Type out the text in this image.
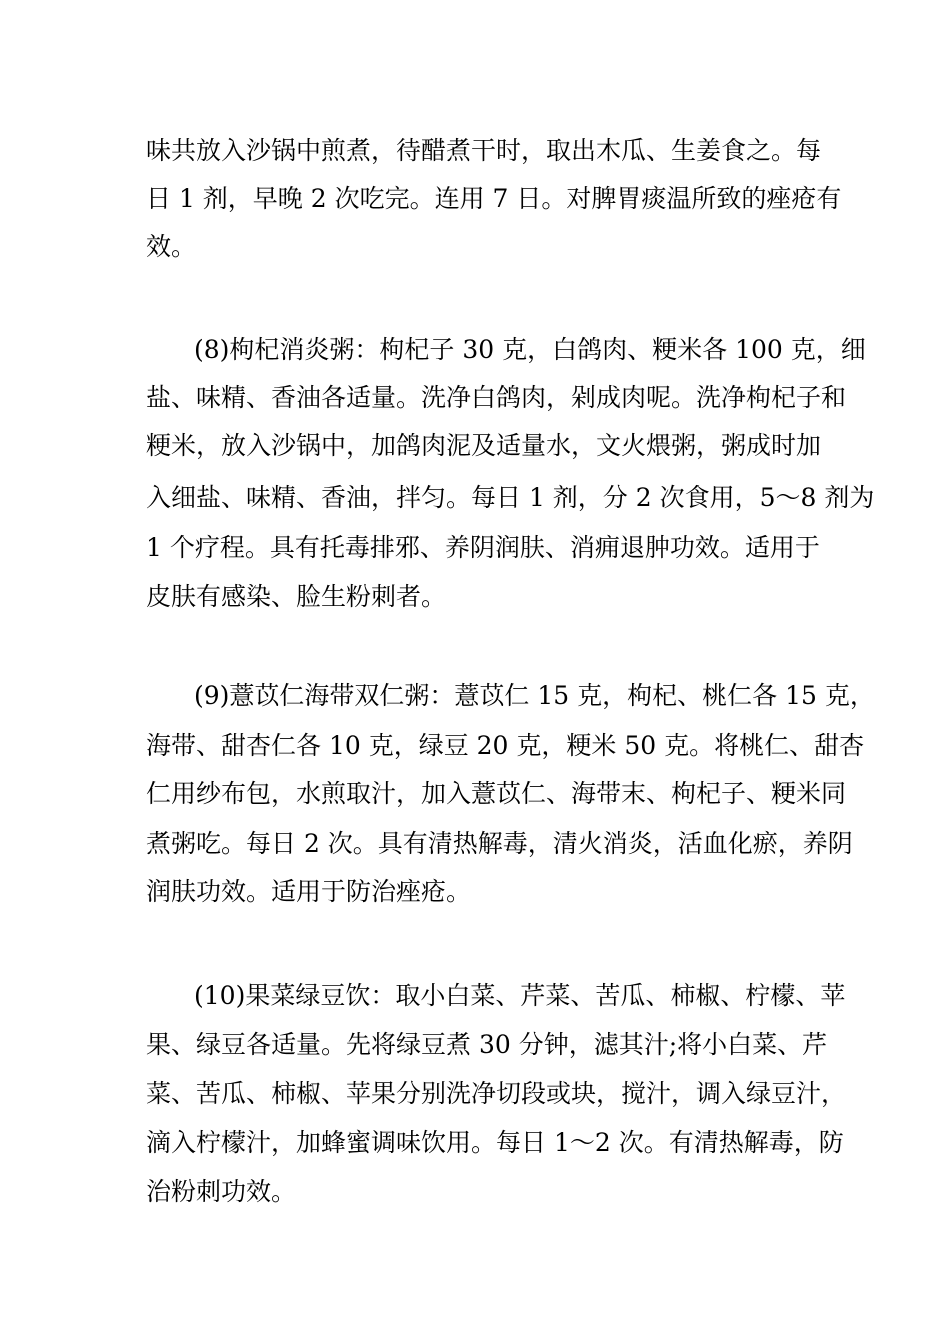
味共放入沙锅中煎煮，待醋煮干时，取出木瓜、生姜食之。每
日 1 剂，早晚 2 次吃完。连用 7 日。对脾胃痰温所致的痤疮有
效。
(8)枸杞消炎粥：枸杞子 30 克，白鸽肉、粳米各 100 克，细
盐、味精、香油各适量。洗净白鸽肉，剁成肉呢。洗净枸杞子和
粳米，放入沙锅中，加鸽肉泥及适量水，文火煨粥，粥成时加
入细盐、味精、香油，拌匀。每日 1 剂，分 2 次食用，5～8 剂为
1 个疗程。具有托毒排邪、养阴润肤、消痈退肿功效。适用于
皮肤有感染、脸生粉刺者。
(9)薏苡仁海带双仁粥：薏苡仁 15 克，枸杞、桃仁各 15 克，
海带、甜杏仁各 10 克，绿豆 20 克，粳米 50 克。将桃仁、甜杏
仁用纱布包，水煎取汁，加入薏苡仁、海带末、枸杞子、粳米同
煮粥吃。每日 2 次。具有清热解毒，清火消炎，活血化瘀，养阴
润肤功效。适用于防治痤疮。
(10)果菜绿豆饮：取小白菜、芹菜、苦瓜、柿椒、柠檬、苹
果、绿豆各适量。先将绿豆煮 30 分钟，滤其汁;将小白菜、芹
菜、苦瓜、柿椒、苹果分别洗净切段或块，搅汁，调入绿豆汁，
滴入柠檬汁，加蜂蜜调味饮用。每日 1～2 次。有清热解毒，防
治粉刺功效。
